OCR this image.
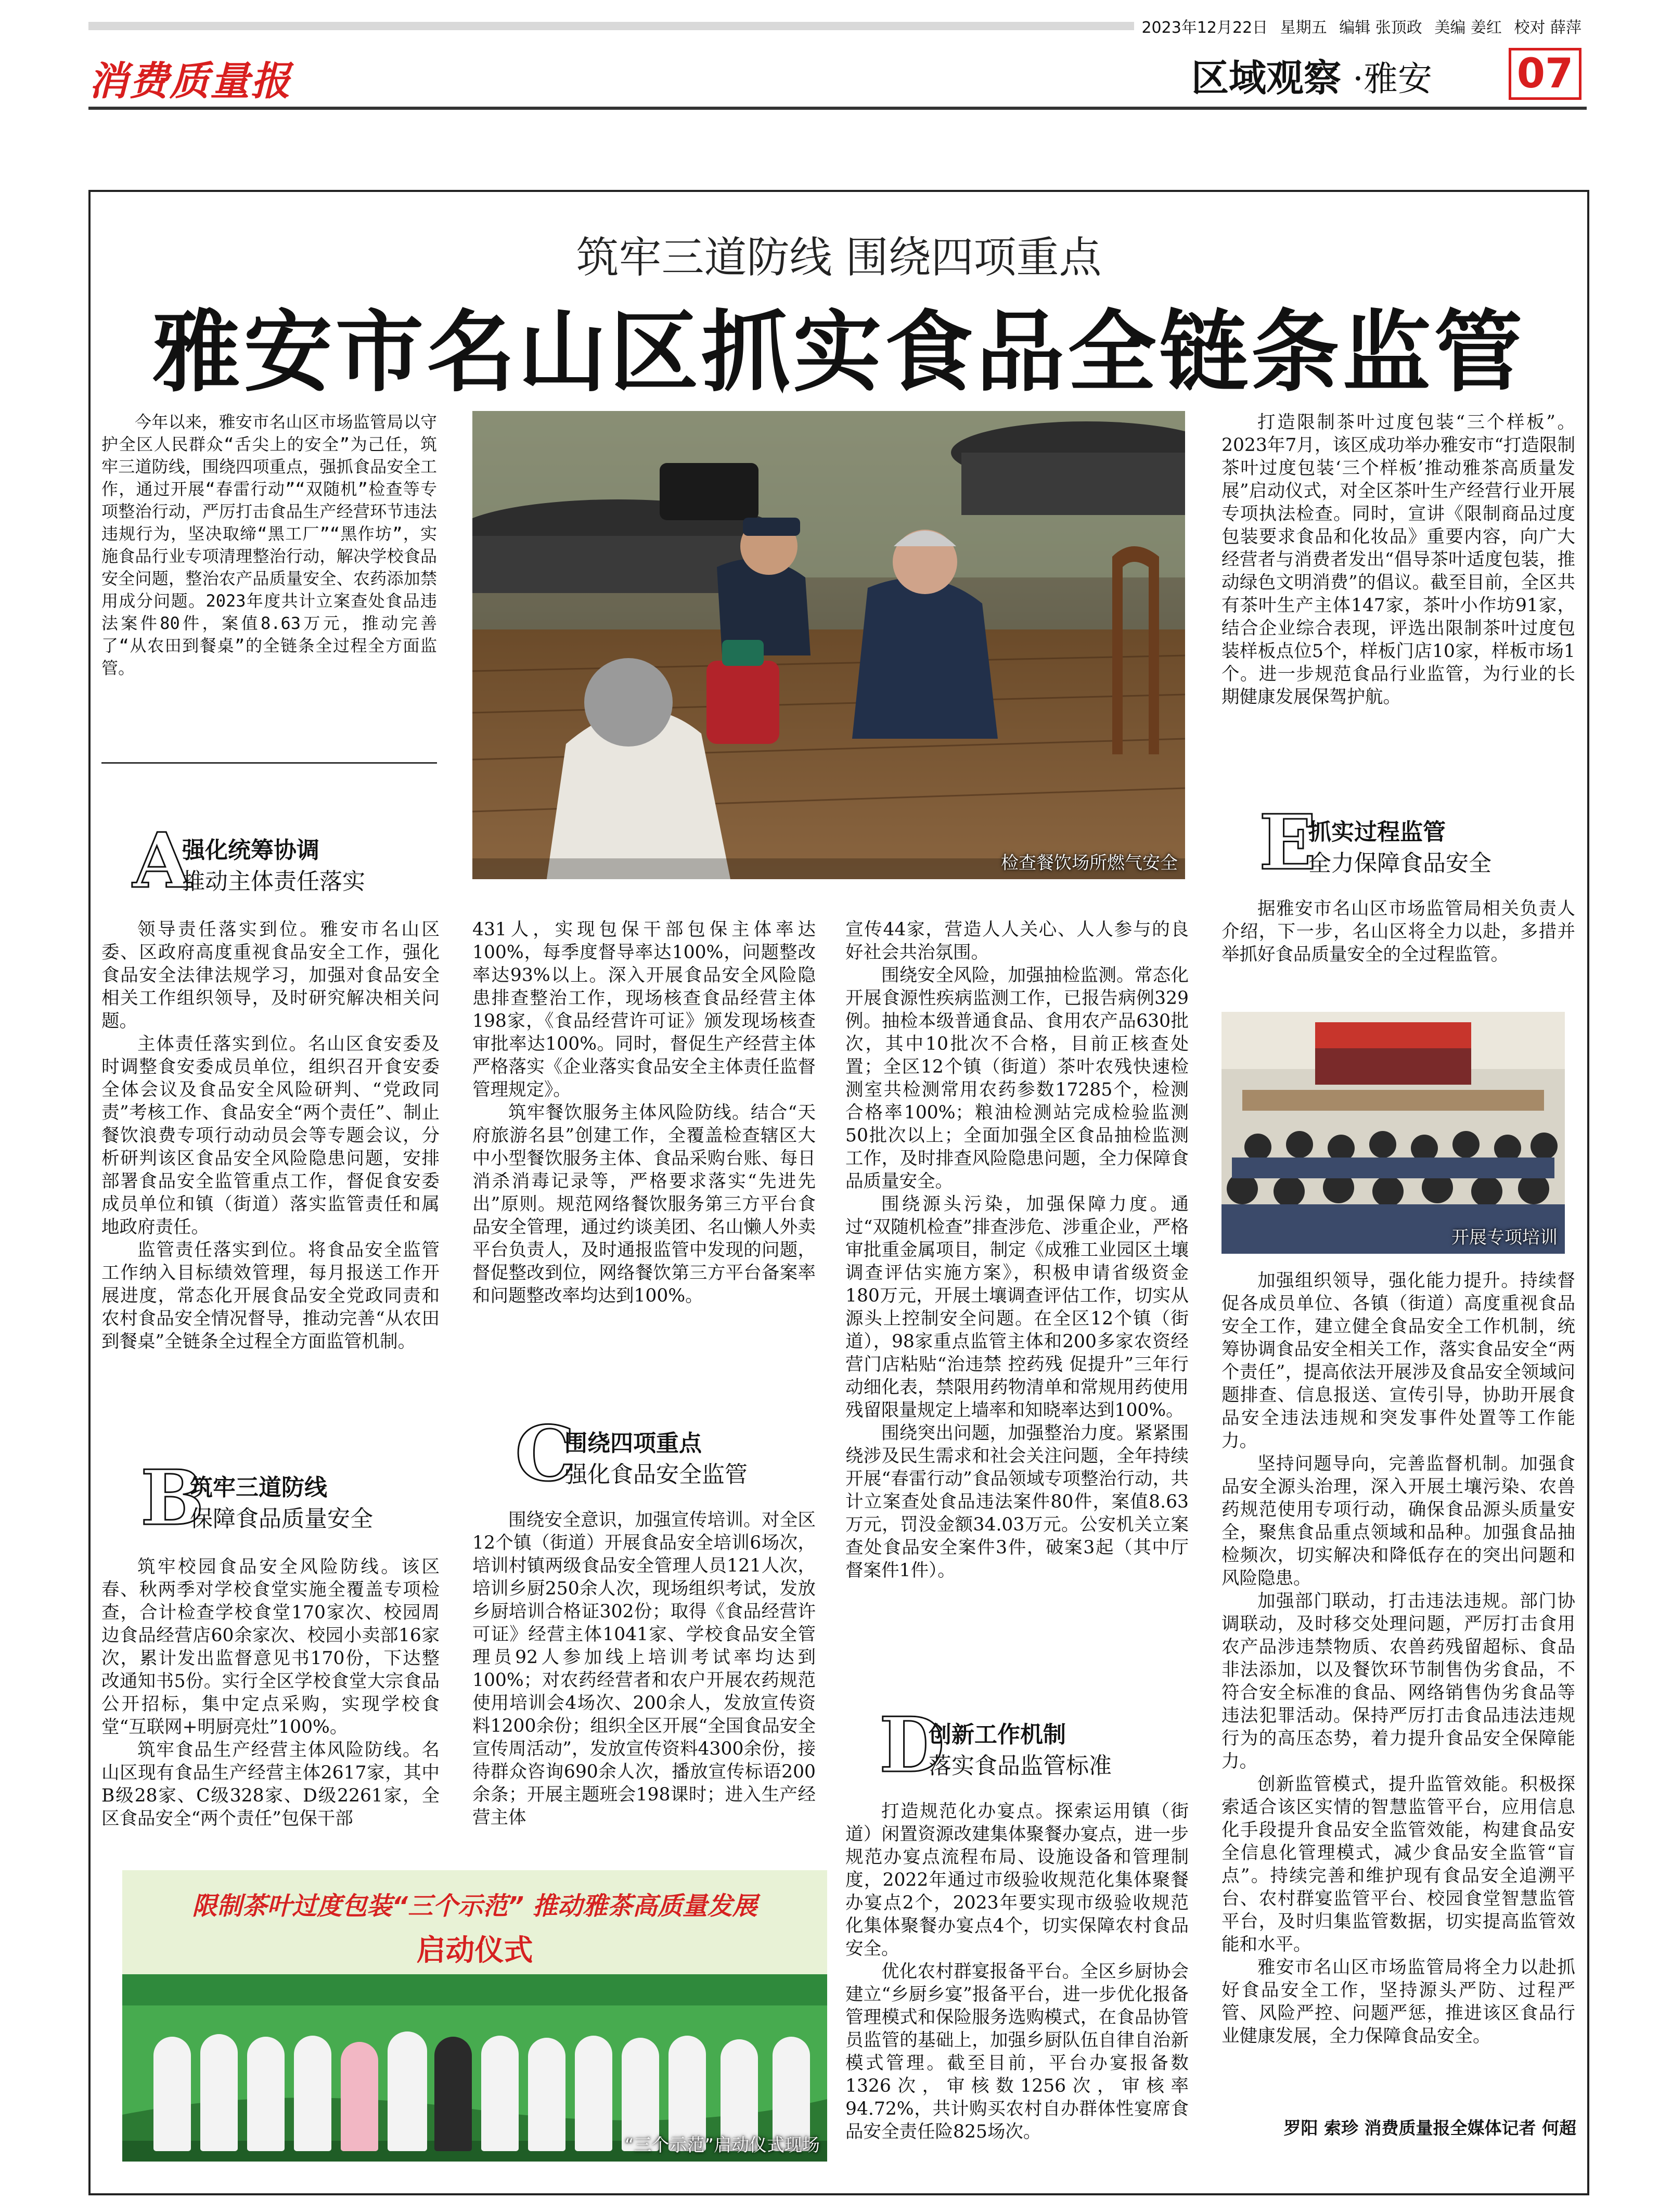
2023年12月22日 星期五 编辑 张顶政 美编 姜红 校对 薛萍
消费质量报	区域观察 ·雅安 07
筑牢三道防线 围绕四项重点
雅安市名山区抓实食品全链条监管
今年以来，雅安市名山区市场监管局以守护全区人民群众“舌尖上的安全”为己任，筑牢三道防线，围绕四项重点，强抓食品安全工作，通过开展“春雷行动”“双随机”检查等专项整治行动，严厉打击食品生产经营环节违法违规行为，坚决取缔“黑工厂”“黑作坊”，实施食品行业专项清理整治行动，解决学校食品安全问题，整治农产品质量安全、农药添加禁用成分问题。2023年度共计立案查处食品违法案件80件，案值8.63万元，推动完善了“从农田到餐桌”的全链条全过程全方面监管。
检查餐饮场所燃气安全

打造限制茶叶过度包装“三个样板”。2023年7月，该区成功举办雅安市“打造限制茶叶过度包装‘三个样板’推动雅茶高质量发展”启动仪式，对全区茶叶生产经营行业开展专项执法检查。同时，宣讲《限制商品过度包装要求食品和化妆品》重要内容，向广大经营者与消费者发出“倡导茶叶适度包装，推动绿色文明消费”的倡议。截至目前，全区共有茶叶生产主体147家，茶叶小作坊91家，结合企业综合表现，评选出限制茶叶过度包装样板点位5个，样板门店10家，样板市场1个。进一步规范食品行业监管，为行业的长期健康发展保驾护航。

A
强化统筹协调
推动主体责任落实

领导责任落实到位。雅安市名山区委、区政府高度重视食品安全工作，强化食品安全法律法规学习，加强对食品安全相关工作组织领导，及时研究解决相关问题。

主体责任落实到位。名山区食安委及时调整食安委成员单位，组织召开食安委全体会议及食品安全风险研判、“党政同责”考核工作、食品安全“两个责任”、制止餐饮浪费专项行动动员会等专题会议，分析研判该区食品安全风险隐患问题，安排部署食品安全监管重点工作，督促食安委成员单位和镇（街道）落实监管责任和属地政府责任。

监管责任落实到位。将食品安全监管工作纳入目标绩效管理，每月报送工作开展进度，常态化开展食品安全党政同责和农村食品安全情况督导，推动完善“从农田到餐桌”全链条全过程全方面监管机制。

B
筑牢三道防线
保障食品质量安全

筑牢校园食品安全风险防线。该区春、秋两季对学校食堂实施全覆盖专项检查，合计检查学校食堂170家次、校园周边食品经营店60余家次、校园小卖部16家次，累计发出监督意见书170份，下达整改通知书5份。实行全区学校食堂大宗食品公开招标，集中定点采购，实现学校食堂“互联网+明厨亮灶”100%。

筑牢食品生产经营主体风险防线。名山区现有食品生产经营主体2617家，其中B级28家、C级328家、D级2261家，全区食品安全“两个责任”包保干部

431人，实现包保干部包保主体率达100%，每季度督导率达100%，问题整改率达93%以上。深入开展食品安全风险隐患排查整治工作，现场核查食品经营主体198家，《食品经营许可证》颁发现场核查审批率达100%。同时，督促生产经营主体严格落实《企业落实食品安全主体责任监督管理规定》。

筑牢餐饮服务主体风险防线。结合“天府旅游名县”创建工作，全覆盖检查辖区大中小型餐饮服务主体、食品采购台账、每日消杀消毒记录等，严格要求落实“先进先出”原则。规范网络餐饮服务第三方平台食品安全管理，通过约谈美团、名山懒人外卖平台负责人，及时通报监管中发现的问题，督促整改到位，网络餐饮第三方平台备案率和问题整改率均达到100%。

C
围绕四项重点
强化食品安全监管

围绕安全意识，加强宣传培训。对全区12个镇（街道）开展食品安全培训6场次，培训村镇两级食品安全管理人员121人次，培训乡厨250余人次，现场组织考试，发放乡厨培训合格证302份；取得《食品经营许可证》经营主体1041家、学校食品安全管理员92人参加线上培训考试率均达到100%；对农药经营者和农户开展农药规范使用培训会4场次、200余人，发放宣传资料1200余份；组织全区开展“全国食品安全宣传周活动”，发放宣传资料4300余份，接待群众咨询690余人次，播放宣传标语200余条；开展主题班会198课时；进入生产经营主体

宣传44家，营造人人关心、人人参与的良好社会共治氛围。

围绕安全风险，加强抽检监测。常态化开展食源性疾病监测工作，已报告病例329例。抽检本级普通食品、食用农产品630批次，其中10批次不合格，目前正核查处置；全区12个镇（街道）茶叶农残快速检测室共检测常用农药参数17285个，检测合格率100%；粮油检测站完成检验监测50批次以上；全面加强全区食品抽检监测工作，及时排查风险隐患问题，全力保障食品质量安全。

围绕源头污染，加强保障力度。通过“双随机检查”排查涉危、涉重企业，严格审批重金属项目，制定《成雅工业园区土壤调查评估实施方案》，积极申请省级资金180万元，开展土壤调查评估工作，切实从源头上控制安全问题。在全区12个镇（街道），98家重点监管主体和200多家农资经营门店粘贴“治违禁 控药残 促提升”三年行动细化表，禁限用药物清单和常规用药使用残留限量规定上墙率和知晓率达到100%。

围绕突出问题，加强整治力度。紧紧围绕涉及民生需求和社会关注问题，全年持续开展“春雷行动”食品领域专项整治行动，共计立案查处食品违法案件80件，案值8.63万元，罚没金额34.03万元。公安机关立案查处食品安全案件3件，破案3起（其中厅督案件1件）。

D
创新工作机制
落实食品监管标准

打造规范化办宴点。探索运用镇（街道）闲置资源改建集体聚餐办宴点，进一步规范办宴点流程布局、设施设备和管理制度，2022年通过市级验收规范化集体聚餐办宴点2个，2023年要实现市级验收规范化集体聚餐办宴点4个，切实保障农村食品安全。

优化农村群宴报备平台。全区乡厨协会建立“乡厨乡宴”报备平台，进一步优化报备管理模式和保险服务选购模式，在食品协管员监管的基础上，加强乡厨队伍自律自治新模式管理。截至目前，平台办宴报备数1326次，审核数1256次，审核率94.72%，共计购买农村自办群体性宴席食品安全责任险825场次。

E
抓实过程监管
全力保障食品安全

据雅安市名山区市场监管局相关负责人介绍，下一步，名山区将全力以赴，多措并举抓好食品质量安全的全过程监管。

开展专项培训

加强组织领导，强化能力提升。持续督促各成员单位、各镇（街道）高度重视食品安全工作，建立健全食品安全工作机制，统筹协调食品安全相关工作，落实食品安全“两个责任”，提高依法开展涉及食品安全领域问题排查、信息报送、宣传引导，协助开展食品安全违法违规和突发事件处置等工作能力。

坚持问题导向，完善监督机制。加强食品安全源头治理，深入开展土壤污染、农兽药规范使用专项行动，确保食品源头质量安全，聚焦食品重点领域和品种。加强食品抽检频次，切实解决和降低存在的突出问题和风险隐患。

加强部门联动，打击违法违规。部门协调联动，及时移交处理问题，严厉打击食用农产品涉违禁物质、农兽药残留超标、食品非法添加，以及餐饮环节制售伪劣食品，不符合安全标准的食品、网络销售伪劣食品等违法犯罪活动。保持严厉打击食品违法违规行为的高压态势，着力提升食品安全保障能力。

创新监管模式，提升监管效能。积极探索适合该区实情的智慧监管平台，应用信息化手段提升食品安全监管效能，构建食品安全信息化管理模式，减少食品安全监管“盲点”。持续完善和维护现有食品安全追溯平台、农村群宴监管平台、校园食堂智慧监管平台，及时归集监管数据，切实提高监管效能和水平。

雅安市名山区市场监管局将全力以赴抓好食品安全工作，坚持源头严防、过程严管、风险严控、问题严惩，推进该区食品行业健康发展，全力保障食品安全。

限制茶叶过度包装“三个示范” 推动雅茶高质量发展
启动仪式
“三个示范”启动仪式现场
罗阳 索珍 消费质量报全媒体记者 何超
